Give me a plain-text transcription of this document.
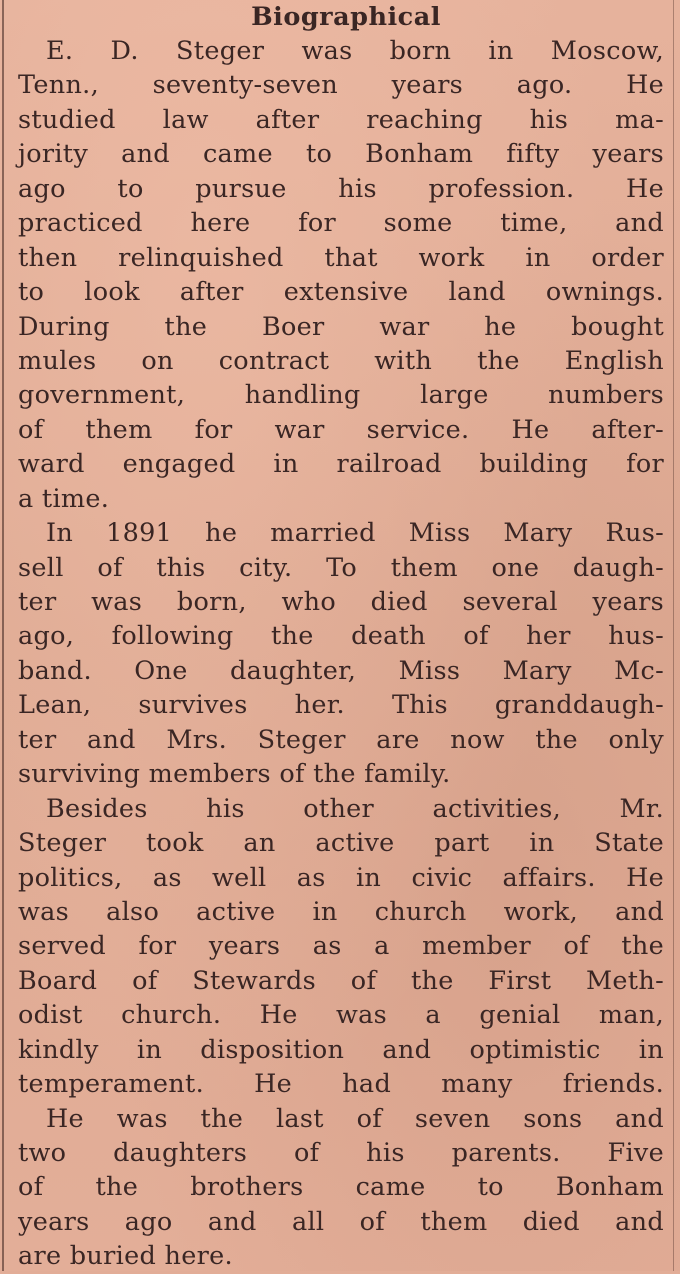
Biographical

E. D. Steger was born in Moscow,
Tenn., seventy-seven years ago. He
studied law after reaching his ma-
jority and came to Bonham fifty years
ago to pursue his profession. He
practiced here for some time, and
then relinquished that work in order
to look after extensive land ownings.
During the Boer war he bought
mules on contract with the English
government, handling large numbers
of them for war service. He after-
ward engaged in railroad building for
a time.

In 1891 he married Miss Mary Rus-
sell of this city. To them one daugh-
ter was born, who died several years
ago, following the death of her hus-
band. One daughter, Miss Mary Mc-
Lean, survives her. This granddaugh-
ter and Mrs. Steger are now the only
surviving members of the family.

Besides his other activities, Mr.
Steger took an active part in State
politics, as well as in civic affairs. He
was also active in church work, and
served for years as a member of the
Board of Stewards of the First Meth-
odist church. He was a genial man,
kindly in disposition and optimistic in
temperament. He had many friends.

He was the last of seven sons and
two daughters of his parents. Five
of the brothers came to Bonham
years ago and all of them died and
are buried here.
